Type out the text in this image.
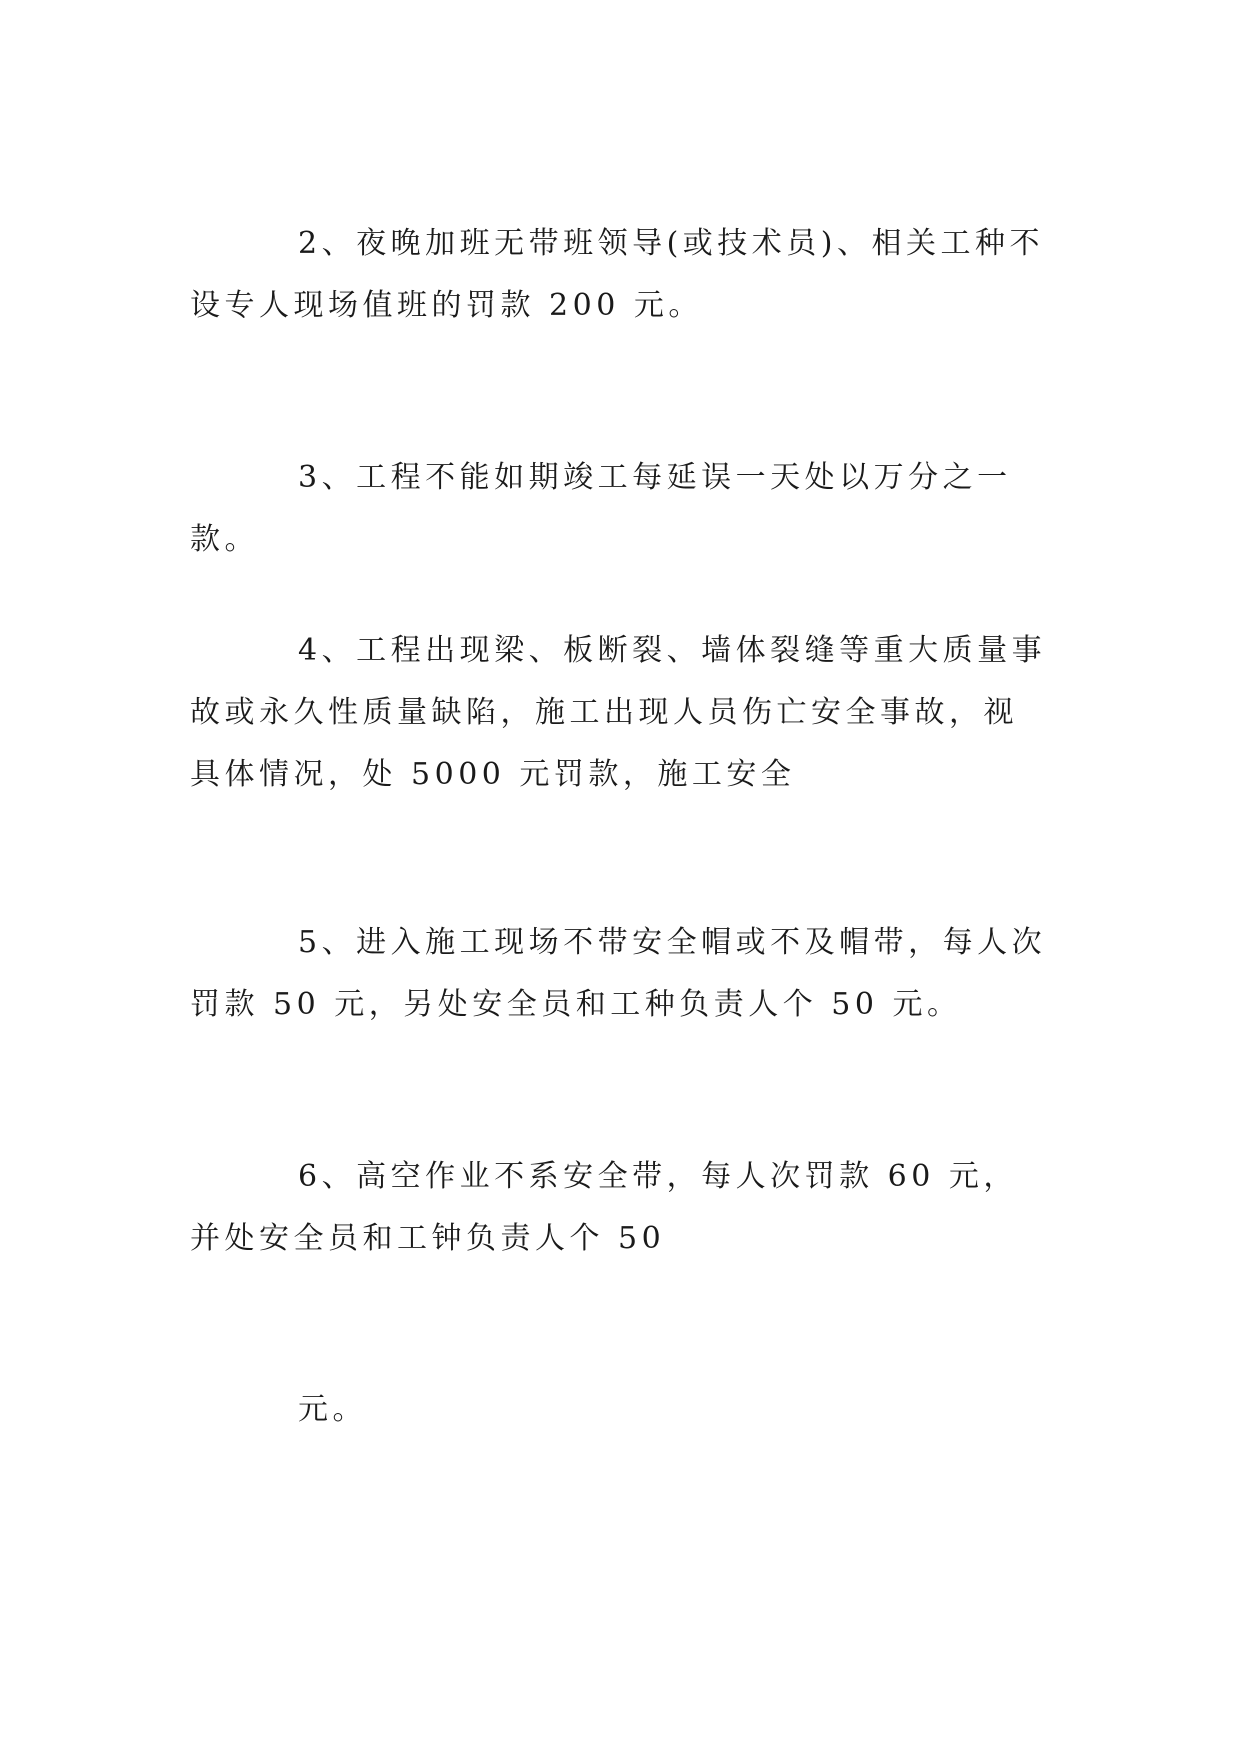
2、夜晚加班无带班领导(或技术员)、相关工种不设专人现场值班的罚款 200 元。

3、工程不能如期竣工每延误一天处以万分之一款。

4、工程出现梁、板断裂、墙体裂缝等重大质量事故或永久性质量缺陷，施工出现人员伤亡安全事故，视具体情况，处 5000 元罚款，施工安全

5、进入施工现场不带安全帽或不及帽带，每人次罚款 50 元，另处安全员和工种负责人个 50 元。

6、高空作业不系安全带，每人次罚款 60 元，并处安全员和工钟负责人个 50

元。
